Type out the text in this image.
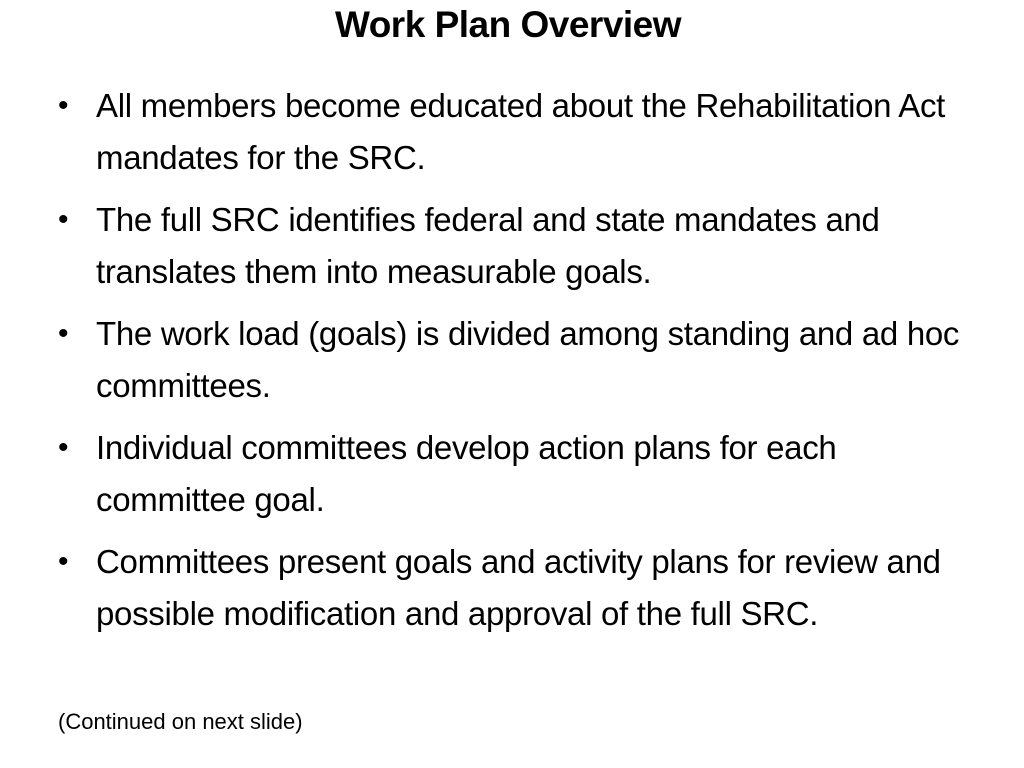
Work Plan Overview
• All members become educated about the Rehabilitation Act mandates for the SRC.
• The full SRC identifies federal and state mandates and translates them into measurable goals.
• The work load (goals) is divided among standing and ad hoc committees.
• Individual committees develop action plans for each committee goal.
• Committees present goals and activity plans for review and possible modification and approval of the full SRC.
(Continued on next slide)
